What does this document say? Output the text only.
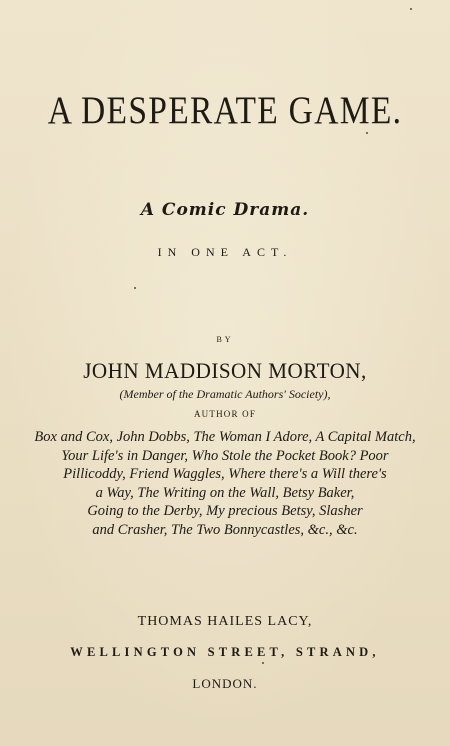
A DESPERATE GAME.
A Comic Drama.
IN ONE ACT.
BY
JOHN MADDISON MORTON,
(Member of the Dramatic Authors' Society),
AUTHOR OF
Box and Cox, John Dobbs, The Woman I Adore, A Capital Match,
Your Life's in Danger, Who Stole the Pocket Book? Poor
Pillicoddy, Friend Waggles, Where there's a Will there's
a Way, The Writing on the Wall, Betsy Baker,
Going to the Derby, My precious Betsy, Slasher
and Crasher, The Two Bonnycastles, &c., &c.
THOMAS HAILES LACY,
WELLINGTON STREET, STRAND,
LONDON.
